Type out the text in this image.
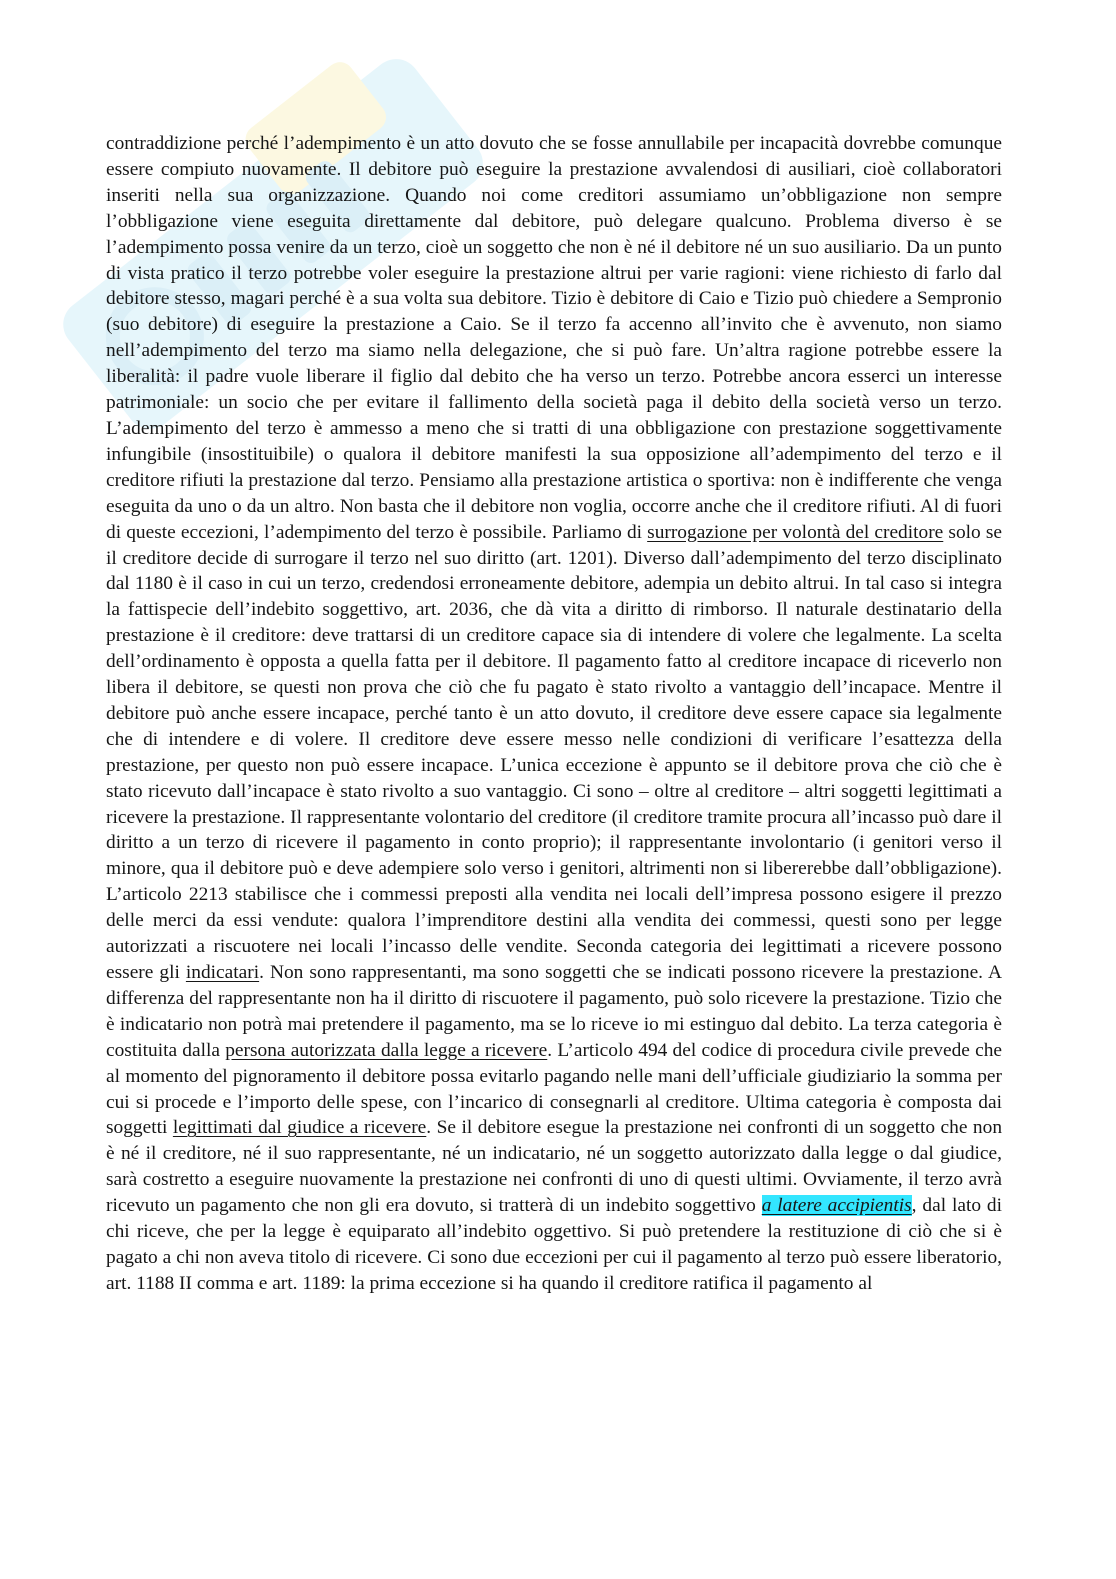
contraddizione perché l’adempimento è un atto dovuto che se fosse annullabile per incapacità dovrebbe comunque essere compiuto nuovamente. Il debitore può eseguire la prestazione avvalendosi di ausiliari, cioè collaboratori inseriti nella sua organizzazione. Quando noi come creditori assumiamo un’obbligazione non sempre l’obbligazione viene eseguita direttamente dal debitore, può delegare qualcuno. Problema diverso è se l’adempimento possa venire da un terzo, cioè un soggetto che non è né il debitore né un suo ausiliario. Da un punto di vista pratico il terzo potrebbe voler eseguire la prestazione altrui per varie ragioni: viene richiesto di farlo dal debitore stesso, magari perché è a sua volta sua debitore. Tizio è debitore di Caio e Tizio può chiedere a Sempronio (suo debitore) di eseguire la prestazione a Caio. Se il terzo fa accenno all’invito che è avvenuto, non siamo nell’adempimento del terzo ma siamo nella delegazione, che si può fare. Un’altra ragione potrebbe essere la liberalità: il padre vuole liberare il figlio dal debito che ha verso un terzo. Potrebbe ancora esserci un interesse patrimoniale: un socio che per evitare il fallimento della società paga il debito della società verso un terzo. L’adempimento del terzo è ammesso a meno che si tratti di una obbligazione con prestazione soggettivamente infungibile (insostituibile) o qualora il debitore manifesti la sua opposizione all’adempimento del terzo e il creditore rifiuti la prestazione dal terzo. Pensiamo alla prestazione artistica o sportiva: non è indifferente che venga eseguita da uno o da un altro. Non basta che il debitore non voglia, occorre anche che il creditore rifiuti. Al di fuori di queste eccezioni, l’adempimento del terzo è possibile. Parliamo di surrogazione per volontà del creditore solo se il creditore decide di surrogare il terzo nel suo diritto (art. 1201). Diverso dall’adempimento del terzo disciplinato dal 1180 è il caso in cui un terzo, credendosi erroneamente debitore, adempia un debito altrui. In tal caso si integra la fattispecie dell’indebito soggettivo, art. 2036, che dà vita a diritto di rimborso. Il naturale destinatario della prestazione è il creditore: deve trattarsi di un creditore capace sia di intendere di volere che legalmente. La scelta dell’ordinamento è opposta a quella fatta per il debitore. Il pagamento fatto al creditore incapace di riceverlo non libera il debitore, se questi non prova che ciò che fu pagato è stato rivolto a vantaggio dell’incapace. Mentre il debitore può anche essere incapace, perché tanto è un atto dovuto, il creditore deve essere capace sia legalmente che di intendere e di volere. Il creditore deve essere messo nelle condizioni di verificare l’esattezza della prestazione, per questo non può essere incapace. L’unica eccezione è appunto se il debitore prova che ciò che è stato ricevuto dall’incapace è stato rivolto a suo vantaggio. Ci sono – oltre al creditore – altri soggetti legittimati a ricevere la prestazione. Il rappresentante volontario del creditore (il creditore tramite procura all’incasso può dare il diritto a un terzo di ricevere il pagamento in conto proprio); il rappresentante involontario (i genitori verso il minore, qua il debitore può e deve adempiere solo verso i genitori, altrimenti non si libererebbe dall’obbligazione). L’articolo 2213 stabilisce che i commessi preposti alla vendita nei locali dell’impresa possono esigere il prezzo delle merci da essi vendute: qualora l’imprenditore destini alla vendita dei commessi, questi sono per legge autorizzati a riscuotere nei locali l’incasso delle vendite. Seconda categoria dei legittimati a ricevere possono essere gli indicatari. Non sono rappresentanti, ma sono soggetti che se indicati possono ricevere la prestazione. A differenza del rappresentante non ha il diritto di riscuotere il pagamento, può solo ricevere la prestazione. Tizio che è indicatario non potrà mai pretendere il pagamento, ma se lo riceve io mi estinguo dal debito. La terza categoria è costituita dalla persona autorizzata dalla legge a ricevere. L’articolo 494 del codice di procedura civile prevede che al momento del pignoramento il debitore possa evitarlo pagando nelle mani dell’ufficiale giudiziario la somma per cui si procede e l’importo delle spese, con l’incarico di consegnarli al creditore. Ultima categoria è composta dai soggetti legittimati dal giudice a ricevere. Se il debitore esegue la prestazione nei confronti di un soggetto che non è né il creditore, né il suo rappresentante, né un indicatario, né un soggetto autorizzato dalla legge o dal giudice, sarà costretto a eseguire nuovamente la prestazione nei confronti di uno di questi ultimi. Ovviamente, il terzo avrà ricevuto un pagamento che non gli era dovuto, si tratterà di un indebito soggettivo a latere accipientis, dal lato di chi riceve, che per la legge è equiparato all’indebito oggettivo. Si può pretendere la restituzione di ciò che si è pagato a chi non aveva titolo di ricevere. Ci sono due eccezioni per cui il pagamento al terzo può essere liberatorio, art. 1188 II comma e art. 1189: la prima eccezione si ha quando il creditore ratifica il pagamento al
